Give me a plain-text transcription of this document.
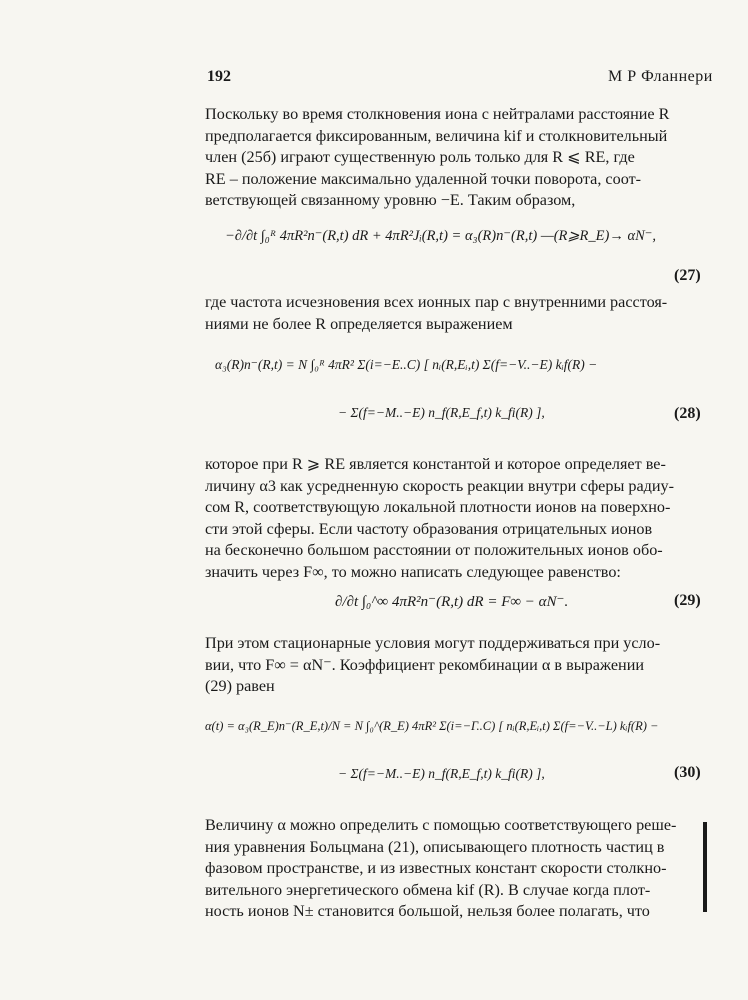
192	М Р Фланнери
Поскольку во время столкновения иона с нейтралами расстояние R
предполагается фиксированным, величина kif и столкновительный
член (25б) играют существенную роль только для R ⩽ RE, где
RE – положение максимально удаленной точки поворота, соот-
ветствующей связанному уровню −E. Таким образом,
−∂/∂t ∫₀ᴿ 4πR²n⁻(R,t) dR + 4πR²Jᵢ(R,t) = α₃(R)n⁻(R,t) —(R⩾R_E)→ αN⁻,
(27)
где частота исчезновения всех ионных пар с внутренними расстоя-
ниями не более R определяется выражением
α₃(R)n⁻(R,t) = N ∫₀ᴿ 4πR² Σ(i=−E..C) [ nᵢ(R,Eᵢ,t) Σ(f=−V..−E) kᵢf(R) −
− Σ(f=−M..−E) n_f(R,E_f,t) k_fi(R) ],	(28)
которое при R ⩾ RE является константой и которое определяет ве-
личину α3 как усредненную скорость реакции внутри сферы радиу-
сом R, соответствующую локальной плотности ионов на поверхно-
сти этой сферы. Если частоту образования отрицательных ионов
на бесконечно большом расстоянии от положительных ионов обо-
значить через F∞, то можно написать следующее равенство:
∂/∂t ∫₀^∞ 4πR²n⁻(R,t) dR = F∞ − αN⁻.	(29)
При этом стационарные условия могут поддерживаться при усло-
вии, что F∞ = αN⁻. Коэффициент рекомбинации α в выражении
(29) равен
α(t) = α₃(R_E)n⁻(R_E,t)/N = N ∫₀^(R_E) 4πR² Σ(i=−Γ..C) [ nᵢ(R,Eᵢ,t) Σ(f=−V..−L) kᵢf(R) −
− Σ(f=−M..−E) n_f(R,E_f,t) k_fi(R) ],	(30)
Величину α можно определить с помощью соответствующего реше-
ния уравнения Больцмана (21), описывающего плотность частиц в
фазовом пространстве, и из известных констант скорости столкно-
вительного энергетического обмена kif (R). В случае когда плот-
ность ионов N± становится большой, нельзя более полагать, что
